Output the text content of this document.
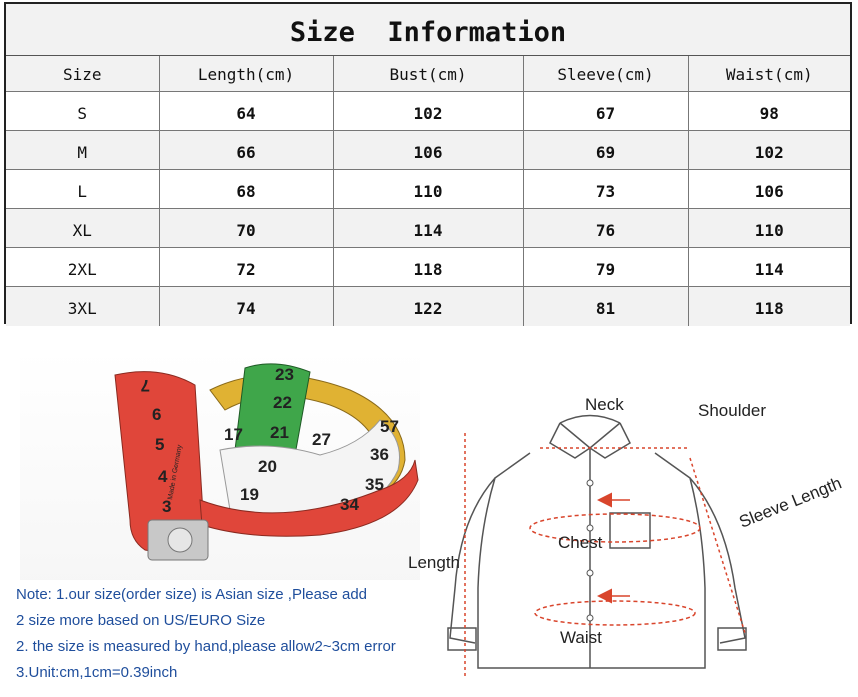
Size  Information
Size	Length(cm)	Bust(cm)	Sleeve(cm)	Waist(cm)
S	64	102	67	98
M	66	106	69	102
L	68	110	73	106
XL	70	114	76	110
2XL	72	118	79	114
3XL	74	122	81	118
7
6
5
4
3
23
22
21
20
19
17	27
36
35
34
57
Made in Germany
Note: 1.our size(order size) is Asian size ,Please add
2 size more based on US/EURO Size
2. the size is measured by hand,please allow2~3cm error
3.Unit:cm,1cm=0.39inch
Neck	Shoulder
Chest
Waist
Length
Sleeve Length
